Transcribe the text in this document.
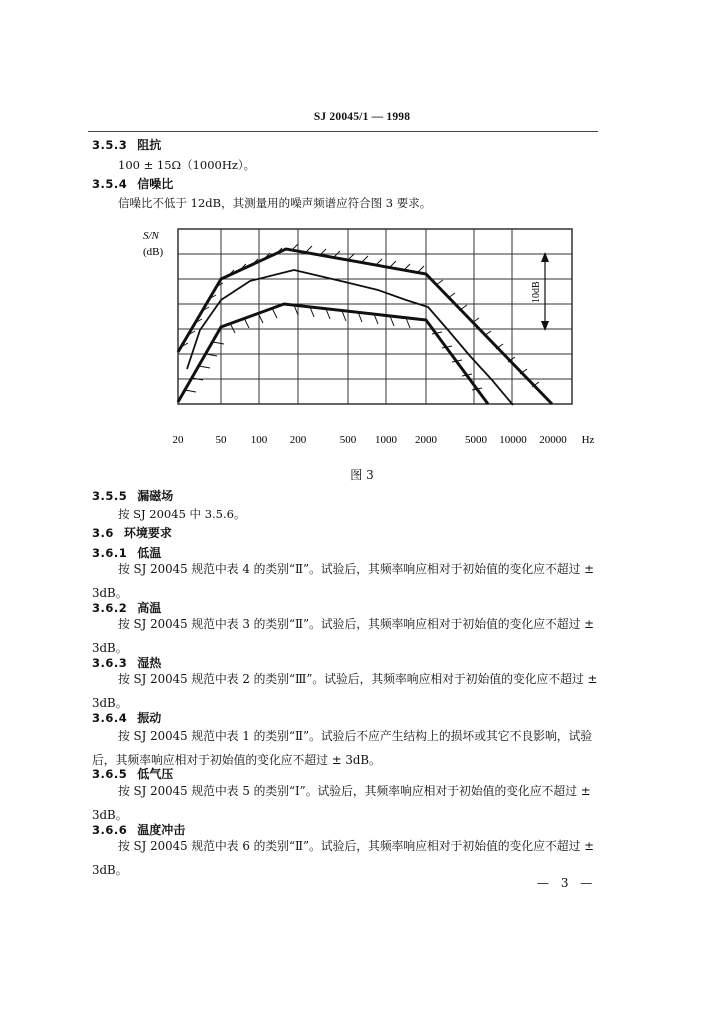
SJ 20045/1 — 1998
3.5.3 阻抗
100 ± 15Ω（1000Hz）。
3.5.4 信噪比
信噪比不低于 12dB，其测量用的噪声频谱应符合图 3 要求。
S/N
(dB)
10dB
20	50 100 200	500 1000 2000	5000 10000 20000 Hz
图 3
3.5.5 漏磁场
按 SJ 20045 中 3.5.6。
3.6 环境要求
3.6.1 低温
按 SJ 20045 规范中表 4 的类别“Ⅱ”。试验后，其频率响应相对于初始值的变化应不超过 ± 3dB。
3.6.2 高温
按 SJ 20045 规范中表 3 的类别“Ⅱ”。试验后，其频率响应相对于初始值的变化应不超过 ± 3dB。
3.6.3 湿热
按 SJ 20045 规范中表 2 的类别“Ⅲ”。试验后，其频率响应相对于初始值的变化应不超过 ± 3dB。
3.6.4 振动
按 SJ 20045 规范中表 1 的类别“Ⅱ”。试验后不应产生结构上的损坏或其它不良影响，试验后，其频率响应相对于初始值的变化应不超过 ± 3dB。
3.6.5 低气压
按 SJ 20045 规范中表 5 的类别“Ⅰ”。试验后，其频率响应相对于初始值的变化应不超过 ± 3dB。
3.6.6 温度冲击
按 SJ 20045 规范中表 6 的类别“Ⅱ”。试验后，其频率响应相对于初始值的变化应不超过 ± 3dB。
— 3 —
